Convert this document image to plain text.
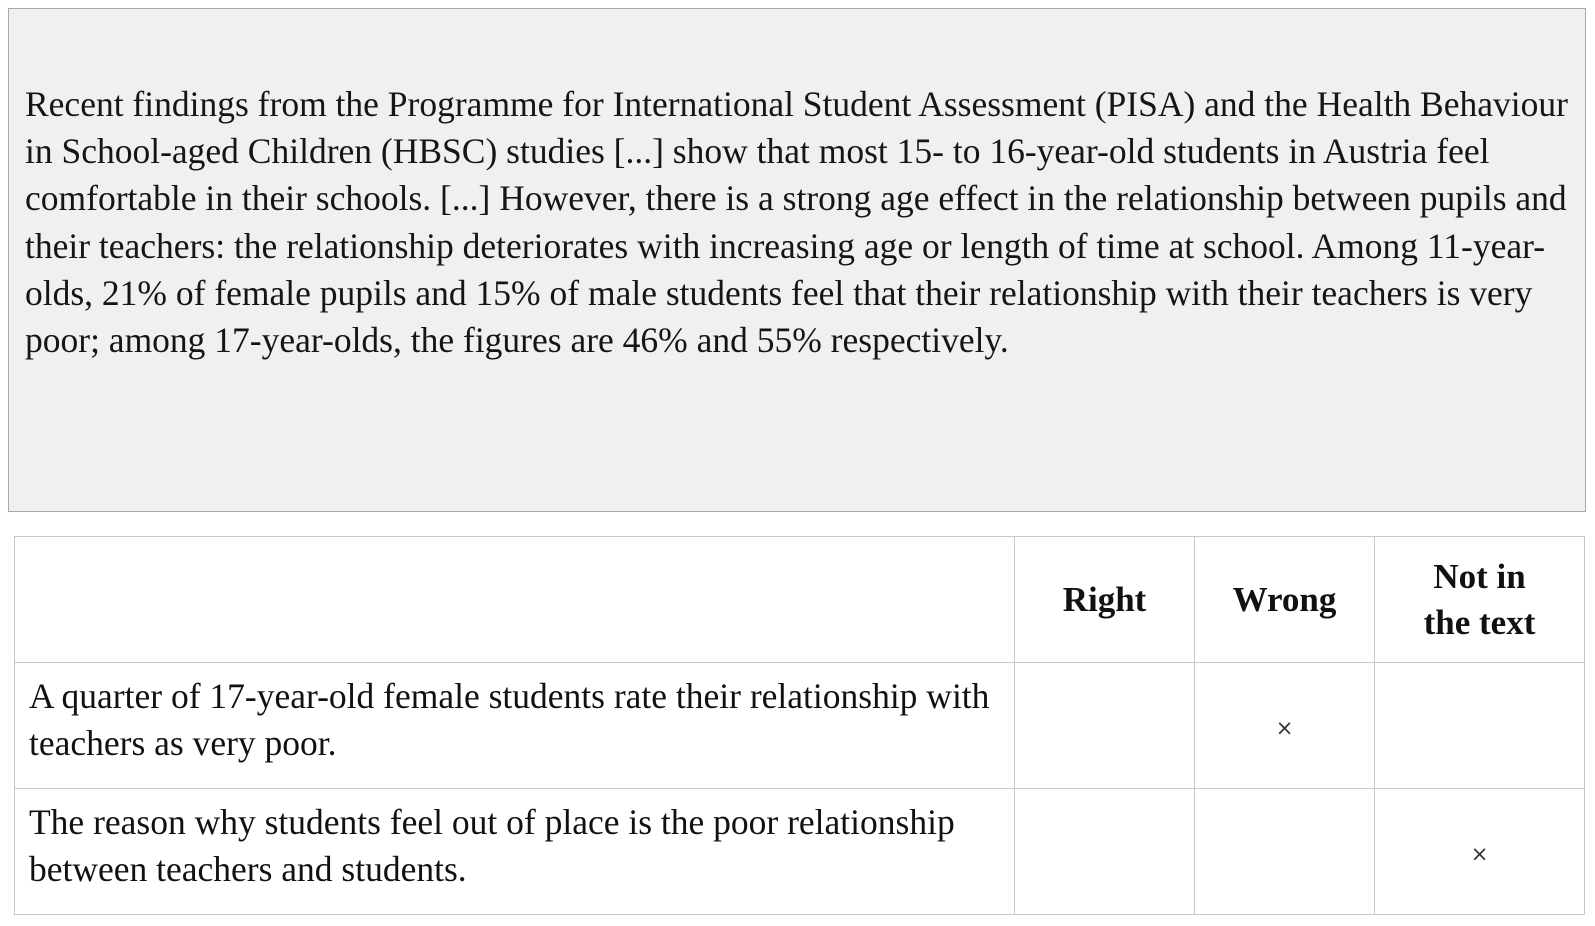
Recent findings from the Programme for International Student Assessment (PISA) and the Health Behaviour in School-aged Children (HBSC) studies [...] show that most 15- to 16-year-old students in Austria feel comfortable in their schools. [...] However, there is a strong age effect in the relationship between pupils and their teachers: the relationship deteriorates with increasing age or length of time at school. Among 11-year-olds, 21% of female pupils and 15% of male students feel that their relationship with their teachers is very poor; among 17-year-olds, the figures are 46% and 55% respectively.

	Right	Wrong	Not in the text
A quarter of 17-year-old female students rate their relationship with teachers as very poor.		×	
The reason why students feel out of place is the poor relationship between teachers and students.			×
